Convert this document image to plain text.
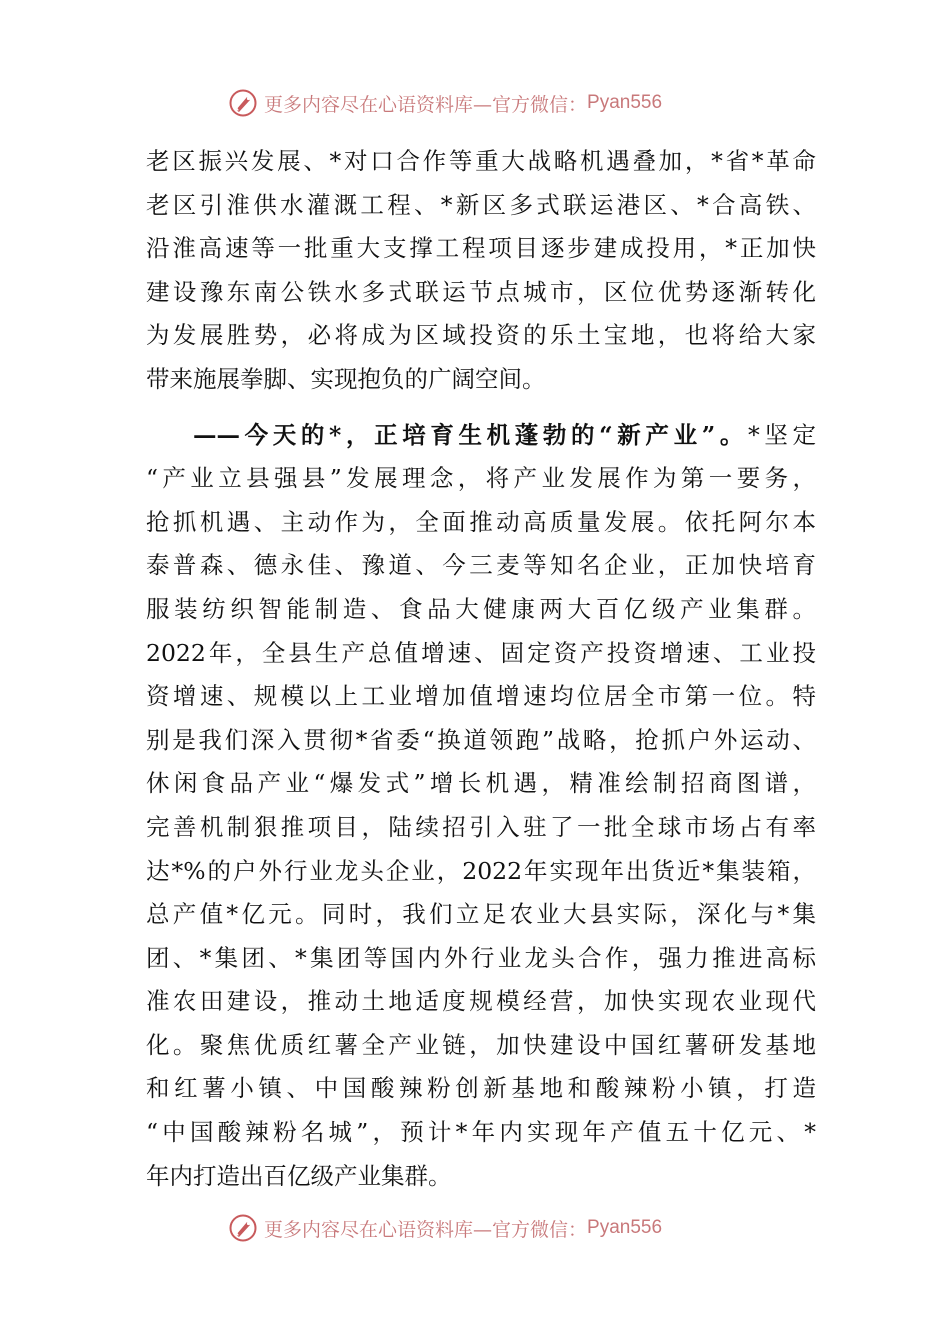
更多内容尽在心语资料库—官方微信： Pyan556
老区振兴发展、*对口合作等重大战略机遇叠加，*省*革命
老区引淮供水灌溉工程、*新区多式联运港区、*合高铁、
沿淮高速等一批重大支撑工程项目逐步建成投用，*正加快
建设豫东南公铁水多式联运节点城市，区位优势逐渐转化
为发展胜势，必将成为区域投资的乐土宝地，也将给大家
带来施展拳脚、实现抱负的广阔空间。
——今天的*，正培育生机蓬勃的“新产业”。*坚定
“产业立县强县”发展理念，将产业发展作为第一要务，
抢抓机遇、主动作为，全面推动高质量发展。依托阿尔本
泰普森、德永佳、豫道、今三麦等知名企业，正加快培育
服装纺织智能制造、食品大健康两大百亿级产业集群。
2022年，全县生产总值增速、固定资产投资增速、工业投
资增速、规模以上工业增加值增速均位居全市第一位。特
别是我们深入贯彻*省委“换道领跑”战略，抢抓户外运动、
休闲食品产业“爆发式”增长机遇，精准绘制招商图谱，
完善机制狠推项目，陆续招引入驻了一批全球市场占有率
达*%的户外行业龙头企业，2022年实现年出货近*集装箱，
总产值*亿元。同时，我们立足农业大县实际，深化与*集
团、*集团、*集团等国内外行业龙头合作，强力推进高标
准农田建设，推动土地适度规模经营，加快实现农业现代
化。聚焦优质红薯全产业链，加快建设中国红薯研发基地
和红薯小镇、中国酸辣粉创新基地和酸辣粉小镇，打造
“中国酸辣粉名城”，预计*年内实现年产值五十亿元、*
年内打造出百亿级产业集群。
更多内容尽在心语资料库—官方微信： Pyan556
